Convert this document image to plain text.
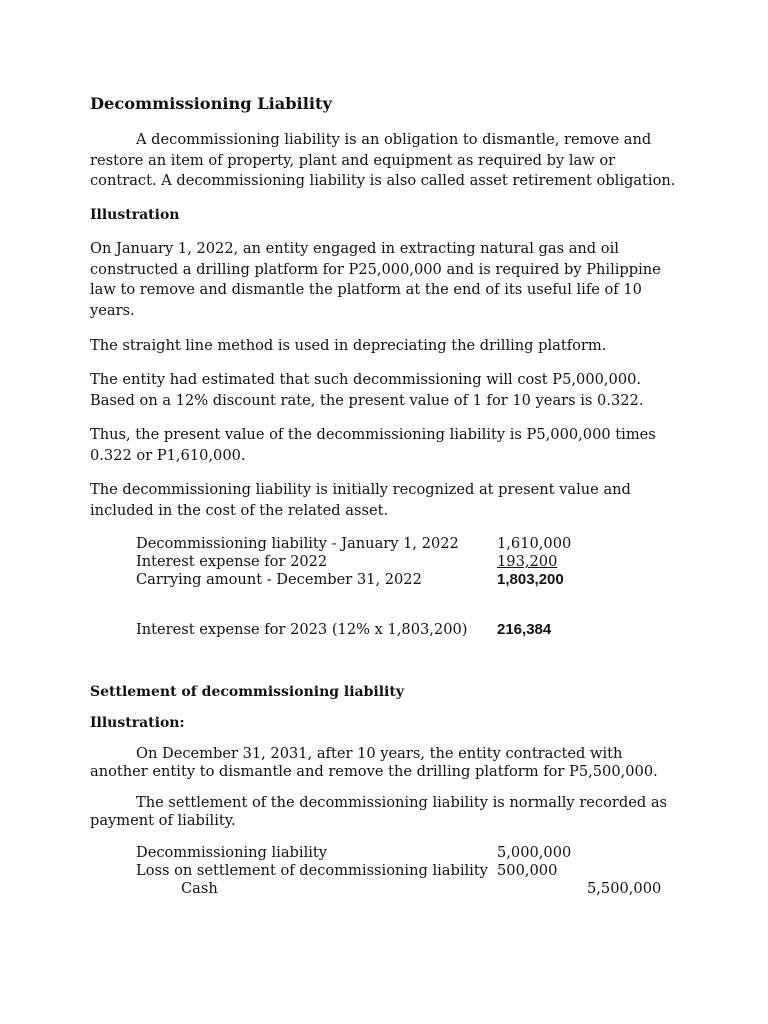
Decommissioning Liability

A decommissioning liability is an obligation to dismantle, remove and restore an item of property, plant and equipment as required by law or contract. A decommissioning liability is also called asset retirement obligation.

Illustration

On January 1, 2022, an entity engaged in extracting natural gas and oil constructed a drilling platform for P25,000,000 and is required by Philippine law to remove and dismantle the platform at the end of its useful life of 10 years.

The straight line method is used in depreciating the drilling platform.

The entity had estimated that such decommissioning will cost P5,000,000. Based on a 12% discount rate, the present value of 1 for 10 years is 0.322.

Thus, the present value of the decommissioning liability is P5,000,000 times 0.322 or P1,610,000.

The decommissioning liability is initially recognized at present value and included in the cost of the related asset.

Decommissioning liability - January 1, 2022	1,610,000
Interest expense for 2022	193,200
Carrying amount - December 31, 2022	1,803,200
Interest expense for 2023 (12% x 1,803,200) 216,384
Settlement of decommissioning liability
Illustration:

On December 31, 2031, after 10 years, the entity contracted with another entity to dismantle and remove the drilling platform for P5,500,000.

The settlement of the decommissioning liability is normally recorded as payment of liability.

Decommissioning liability	5,000,000
Loss on settlement of decommissioning liability 500,000
Cash	5,500,000
